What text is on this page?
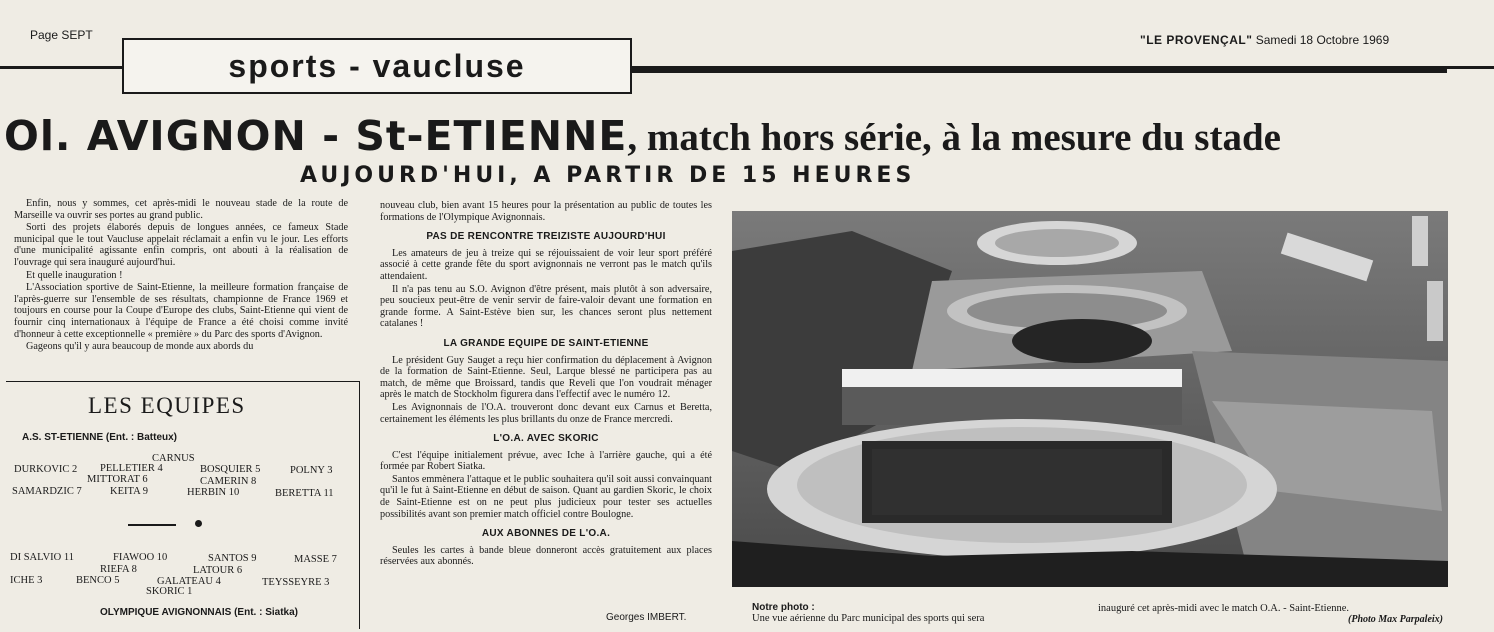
Page SEPT	"LE PROVENÇAL" Samedi 18 Octobre 1969
sports - vaucluse
Ol. AVIGNON - St-ETIENNE, match hors série, à la mesure du stade
AUJOURD'HUI, A PARTIR DE 15 HEURES

Enfin, nous y sommes, cet après-midi le nouveau stade de la route de Marseille va ouvrir ses portes au grand public.

Sorti des projets élaborés depuis de longues années, ce fameux Stade municipal que le tout Vaucluse appelait réclamait a enfin vu le jour. Les efforts d'une municipalité agissante enfin compris, ont abouti à la réalisation de l'ouvrage qui sera inauguré aujourd'hui.

Et quelle inauguration !

L'Association sportive de Saint-Etienne, la meilleure formation française de l'après-guerre sur l'ensemble de ses résultats, championne de France 1969 et toujours en course pour la Coupe d'Europe des clubs, Saint-Etienne qui vient de fournir cinq internationaux à l'équipe de France a été choisi comme invité d'honneur à cette exceptionnelle « première » du Parc des sports d'Avignon.

Gageons qu'il y aura beaucoup de monde aux abords du

LES EQUIPES
A.S. ST-ETIENNE (Ent. : Batteux)
CARNUS
DURKOVIC 2 PELLETIER 4	BOSQUIER 5	POLNY 3
MITTORAT 6	CAMERIN 8
SAMARDZIC 7	KEITA 9	HERBIN 10	BERETTA 11
DI SALVIO 11	FIAWOO 10	SANTOS 9	MASSE 7
RIEFA 8	LATOUR 6
ICHE 3	BENCO 5	GALATEAU 4	TEYSSEYRE 3
SKORIC 1
OLYMPIQUE AVIGNONNAIS (Ent. : Siatka)

nouveau club, bien avant 15 heures pour la présentation au public de toutes les formations de l'Olympique Avignonnais.

PAS DE RENCONTRE TREIZISTE AUJOURD'HUI

Les amateurs de jeu à treize qui se réjouissaient de voir leur sport préféré associé à cette grande fête du sport avignonnais ne verront pas le match qu'ils attendaient.

Il n'a pas tenu au S.O. Avignon d'être présent, mais plutôt à son adversaire, peu soucieux peut-être de venir servir de faire-valoir devant une formation en grande forme. A Saint-Estève bien sur, les chances seront plus nettement catalanes !

LA GRANDE EQUIPE DE SAINT-ETIENNE

Le président Guy Sauget a reçu hier confirmation du déplacement à Avignon de la formation de Saint-Etienne. Seul, Larque blessé ne participera pas au match, de même que Broissard, tandis que Reveli que l'on voudrait ménager après le match de Stockholm figurera dans l'effectif avec le numéro 12.

Les Avignonnais de l'O.A. trouveront donc devant eux Carnus et Beretta, certainement les éléments les plus brillants du onze de France mercredi.

L'O.A. AVEC SKORIC

C'est l'équipe initialement prévue, avec Iche à l'arrière gauche, qui a été formée par Robert Siatka.

Santos emmènera l'attaque et le public souhaitera qu'il soit aussi convainquant qu'il le fut à Saint-Etienne en début de saison. Quant au gardien Skoric, le choix de Saint-Etienne est on ne peut plus judicieux pour tester ses actuelles possibilités avant son premier match officiel contre Boulogne.

AUX ABONNES DE L'O.A.

Seules les cartes à bande bleue donneront accès gratuitement aux places réservées aux abonnés.

Georges IMBERT.
Notre photo :
Une vue aérienne du Parc municipal des sports qui sera
inauguré cet après-midi avec le match O.A. - Saint-Etienne.
(Photo Max Parpaleix)
